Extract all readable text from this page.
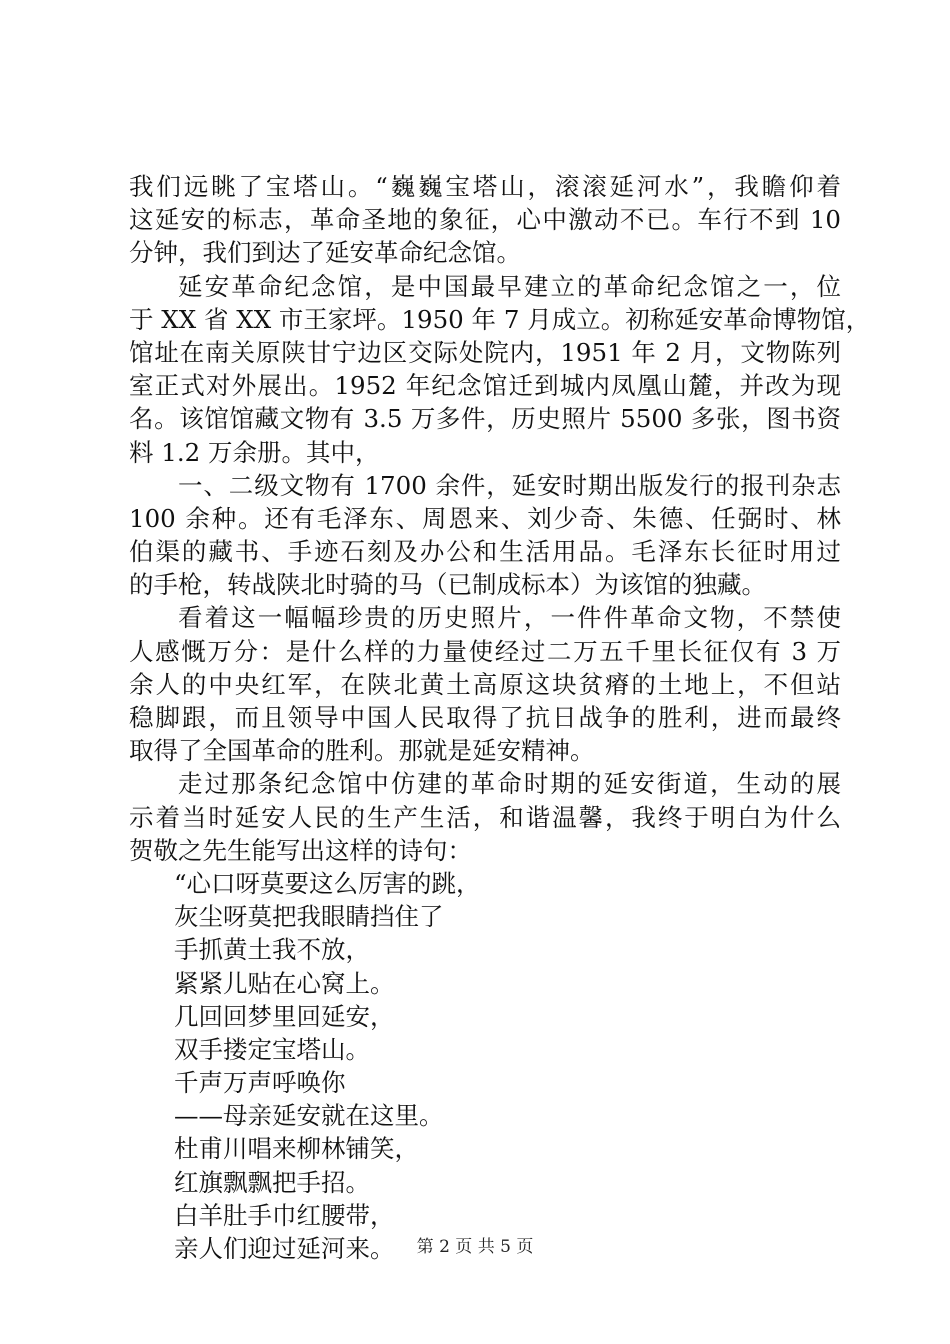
我们远眺了宝塔山。“巍巍宝塔山，滚滚延河水”，我瞻仰着
这延安的标志，革命圣地的象征，心中激动不已。车行不到 10
分钟，我们到达了延安革命纪念馆。
延安革命纪念馆，是中国最早建立的革命纪念馆之一，位
于 XX 省 XX 市王家坪。1950 年 7 月成立。初称延安革命博物馆，
馆址在南关原陕甘宁边区交际处院内，1951 年 2 月，文物陈列
室正式对外展出。1952 年纪念馆迁到城内凤凰山麓，并改为现
名。该馆馆藏文物有 3.5 万多件，历史照片 5500 多张，图书资
料 1.2 万余册。其中，
一、二级文物有 1700 余件，延安时期出版发行的报刊杂志
100 余种。还有毛泽东、周恩来、刘少奇、朱德、任弼时、林
伯渠的藏书、手迹石刻及办公和生活用品。毛泽东长征时用过
的手枪，转战陕北时骑的马（已制成标本）为该馆的独藏。
看着这一幅幅珍贵的历史照片，一件件革命文物，不禁使
人感慨万分：是什么样的力量使经过二万五千里长征仅有 3 万
余人的中央红军，在陕北黄土高原这块贫瘠的土地上，不但站
稳脚跟，而且领导中国人民取得了抗日战争的胜利，进而最终
取得了全国革命的胜利。那就是延安精神。
走过那条纪念馆中仿建的革命时期的延安街道，生动的展
示着当时延安人民的生产生活，和谐温馨，我终于明白为什么
贺敬之先生能写出这样的诗句：
“心口呀莫要这么厉害的跳，
灰尘呀莫把我眼睛挡住了
手抓黄土我不放，
紧紧儿贴在心窝上。
几回回梦里回延安，
双手搂定宝塔山。
千声万声呼唤你
——母亲延安就在这里。
杜甫川唱来柳林铺笑，
红旗飘飘把手招。
白羊肚手巾红腰带，
亲人们迎过延河来。	第 2 页 共 5 页
